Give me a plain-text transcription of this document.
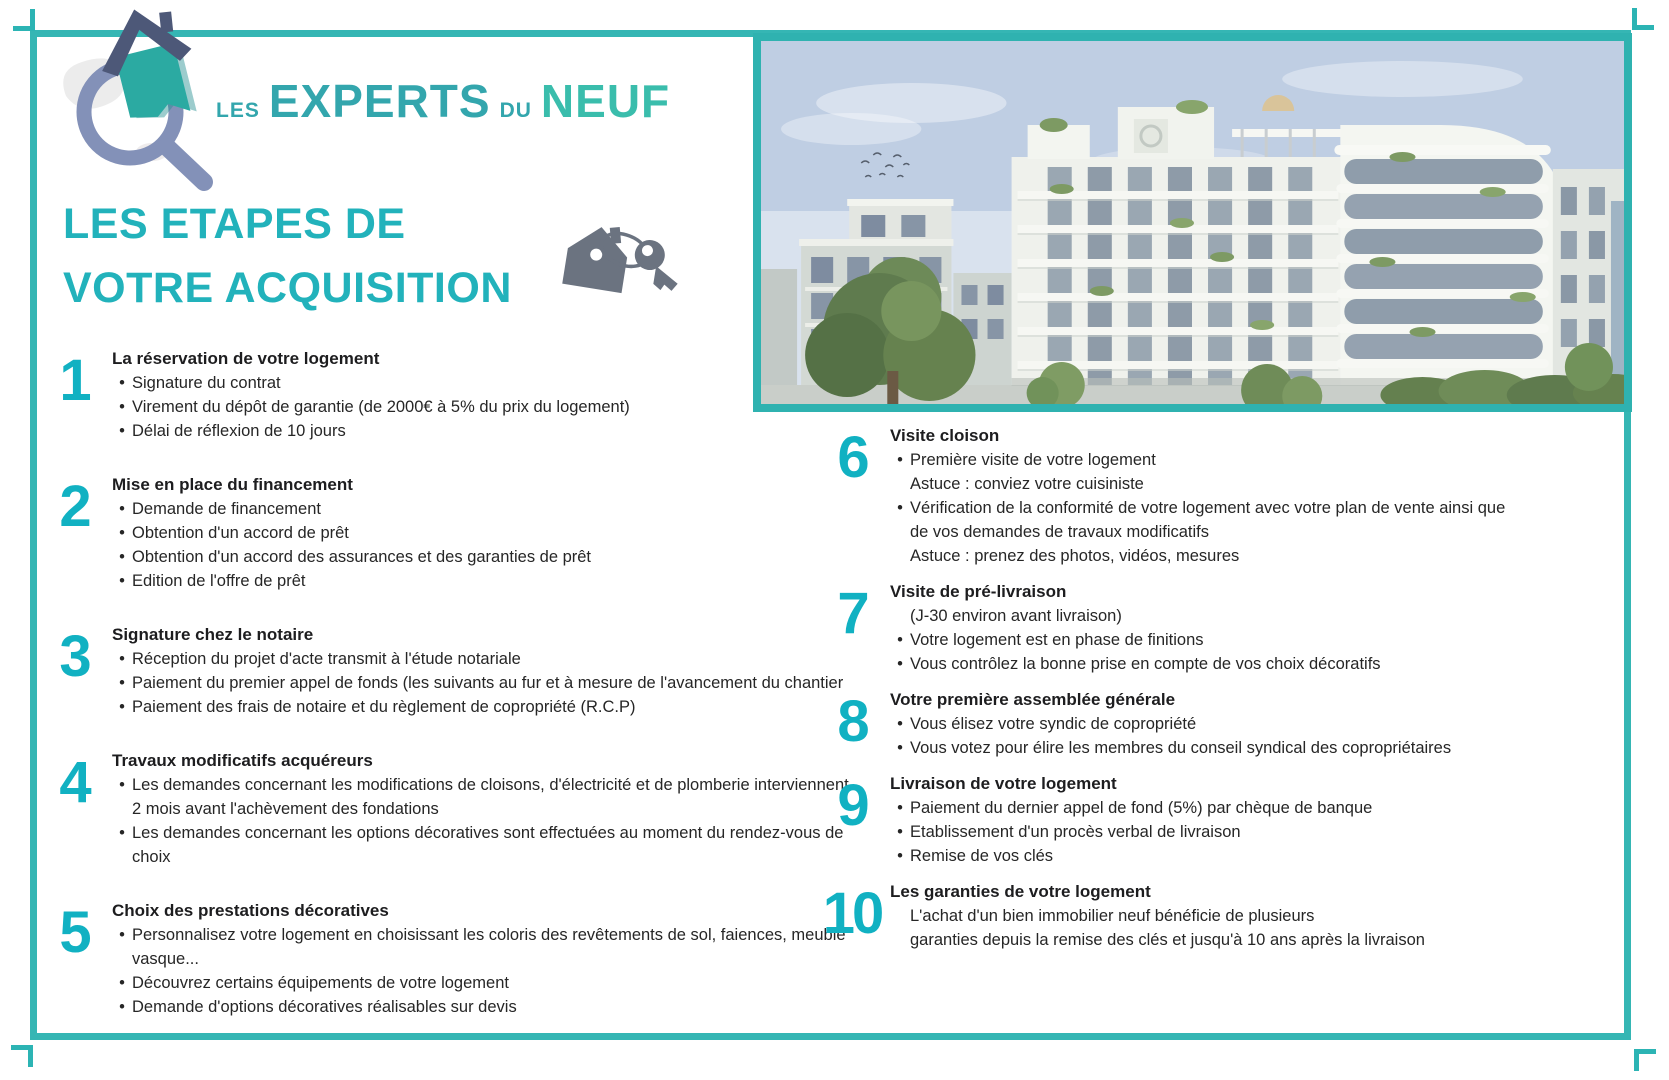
LES EXPERTS DU NEUF
LES ETAPES DE
VOTRE ACQUISITION
1	La réservation de votre logement
• Signature du contrat
• Virement du dépôt de garantie (de 2000€ à 5% du prix du logement)
• Délai de réflexion de 10 jours
2	Mise en place du financement
• Demande de financement
• Obtention d'un accord de prêt
• Obtention d'un accord des assurances et des garanties de prêt
• Edition de l'offre de prêt
3	Signature chez le notaire
• Réception du projet d'acte transmit à l'étude notariale
• Paiement du premier appel de fonds (les suivants au fur et à mesure de l'avancement du chantier
• Paiement des frais de notaire et du règlement de copropriété (R.C.P)
4	Travaux modificatifs acquéreurs
• Les demandes concernant les modifications de cloisons, d'électricité et de plomberie interviennent 2 mois avant l'achèvement des fondations
• Les demandes concernant les options décoratives sont effectuées au moment du rendez-vous de choix
5	Choix des prestations décoratives
• Personnalisez votre logement en choisissant les coloris des revêtements de sol, faiences, meuble vasque...
• Découvrez certains équipements de votre logement
• Demande d'options décoratives réalisables sur devis
6	Visite cloison
• Première visite de votre logement
Astuce : conviez votre cuisiniste
• Vérification de la conformité de votre logement avec votre plan de vente ainsi que de vos demandes de travaux modificatifs
Astuce : prenez des photos, vidéos, mesures
7	Visite de pré-livraison
(J-30 environ avant livraison)
• Votre logement est en phase de finitions
• Vous contrôlez la bonne prise en compte de vos choix décoratifs
8	Votre première assemblée générale
• Vous élisez votre syndic de copropriété
• Vous votez pour élire les membres du conseil syndical des copropriétaires
9	Livraison de votre logement
• Paiement du dernier appel de fond (5%) par chèque de banque
• Etablissement d'un procès verbal de livraison
• Remise de vos clés
10 Les garanties de votre logement
L'achat d'un bien immobilier neuf bénéficie de plusieurs
garanties depuis la remise des clés et jusqu'à 10 ans après la livraison
